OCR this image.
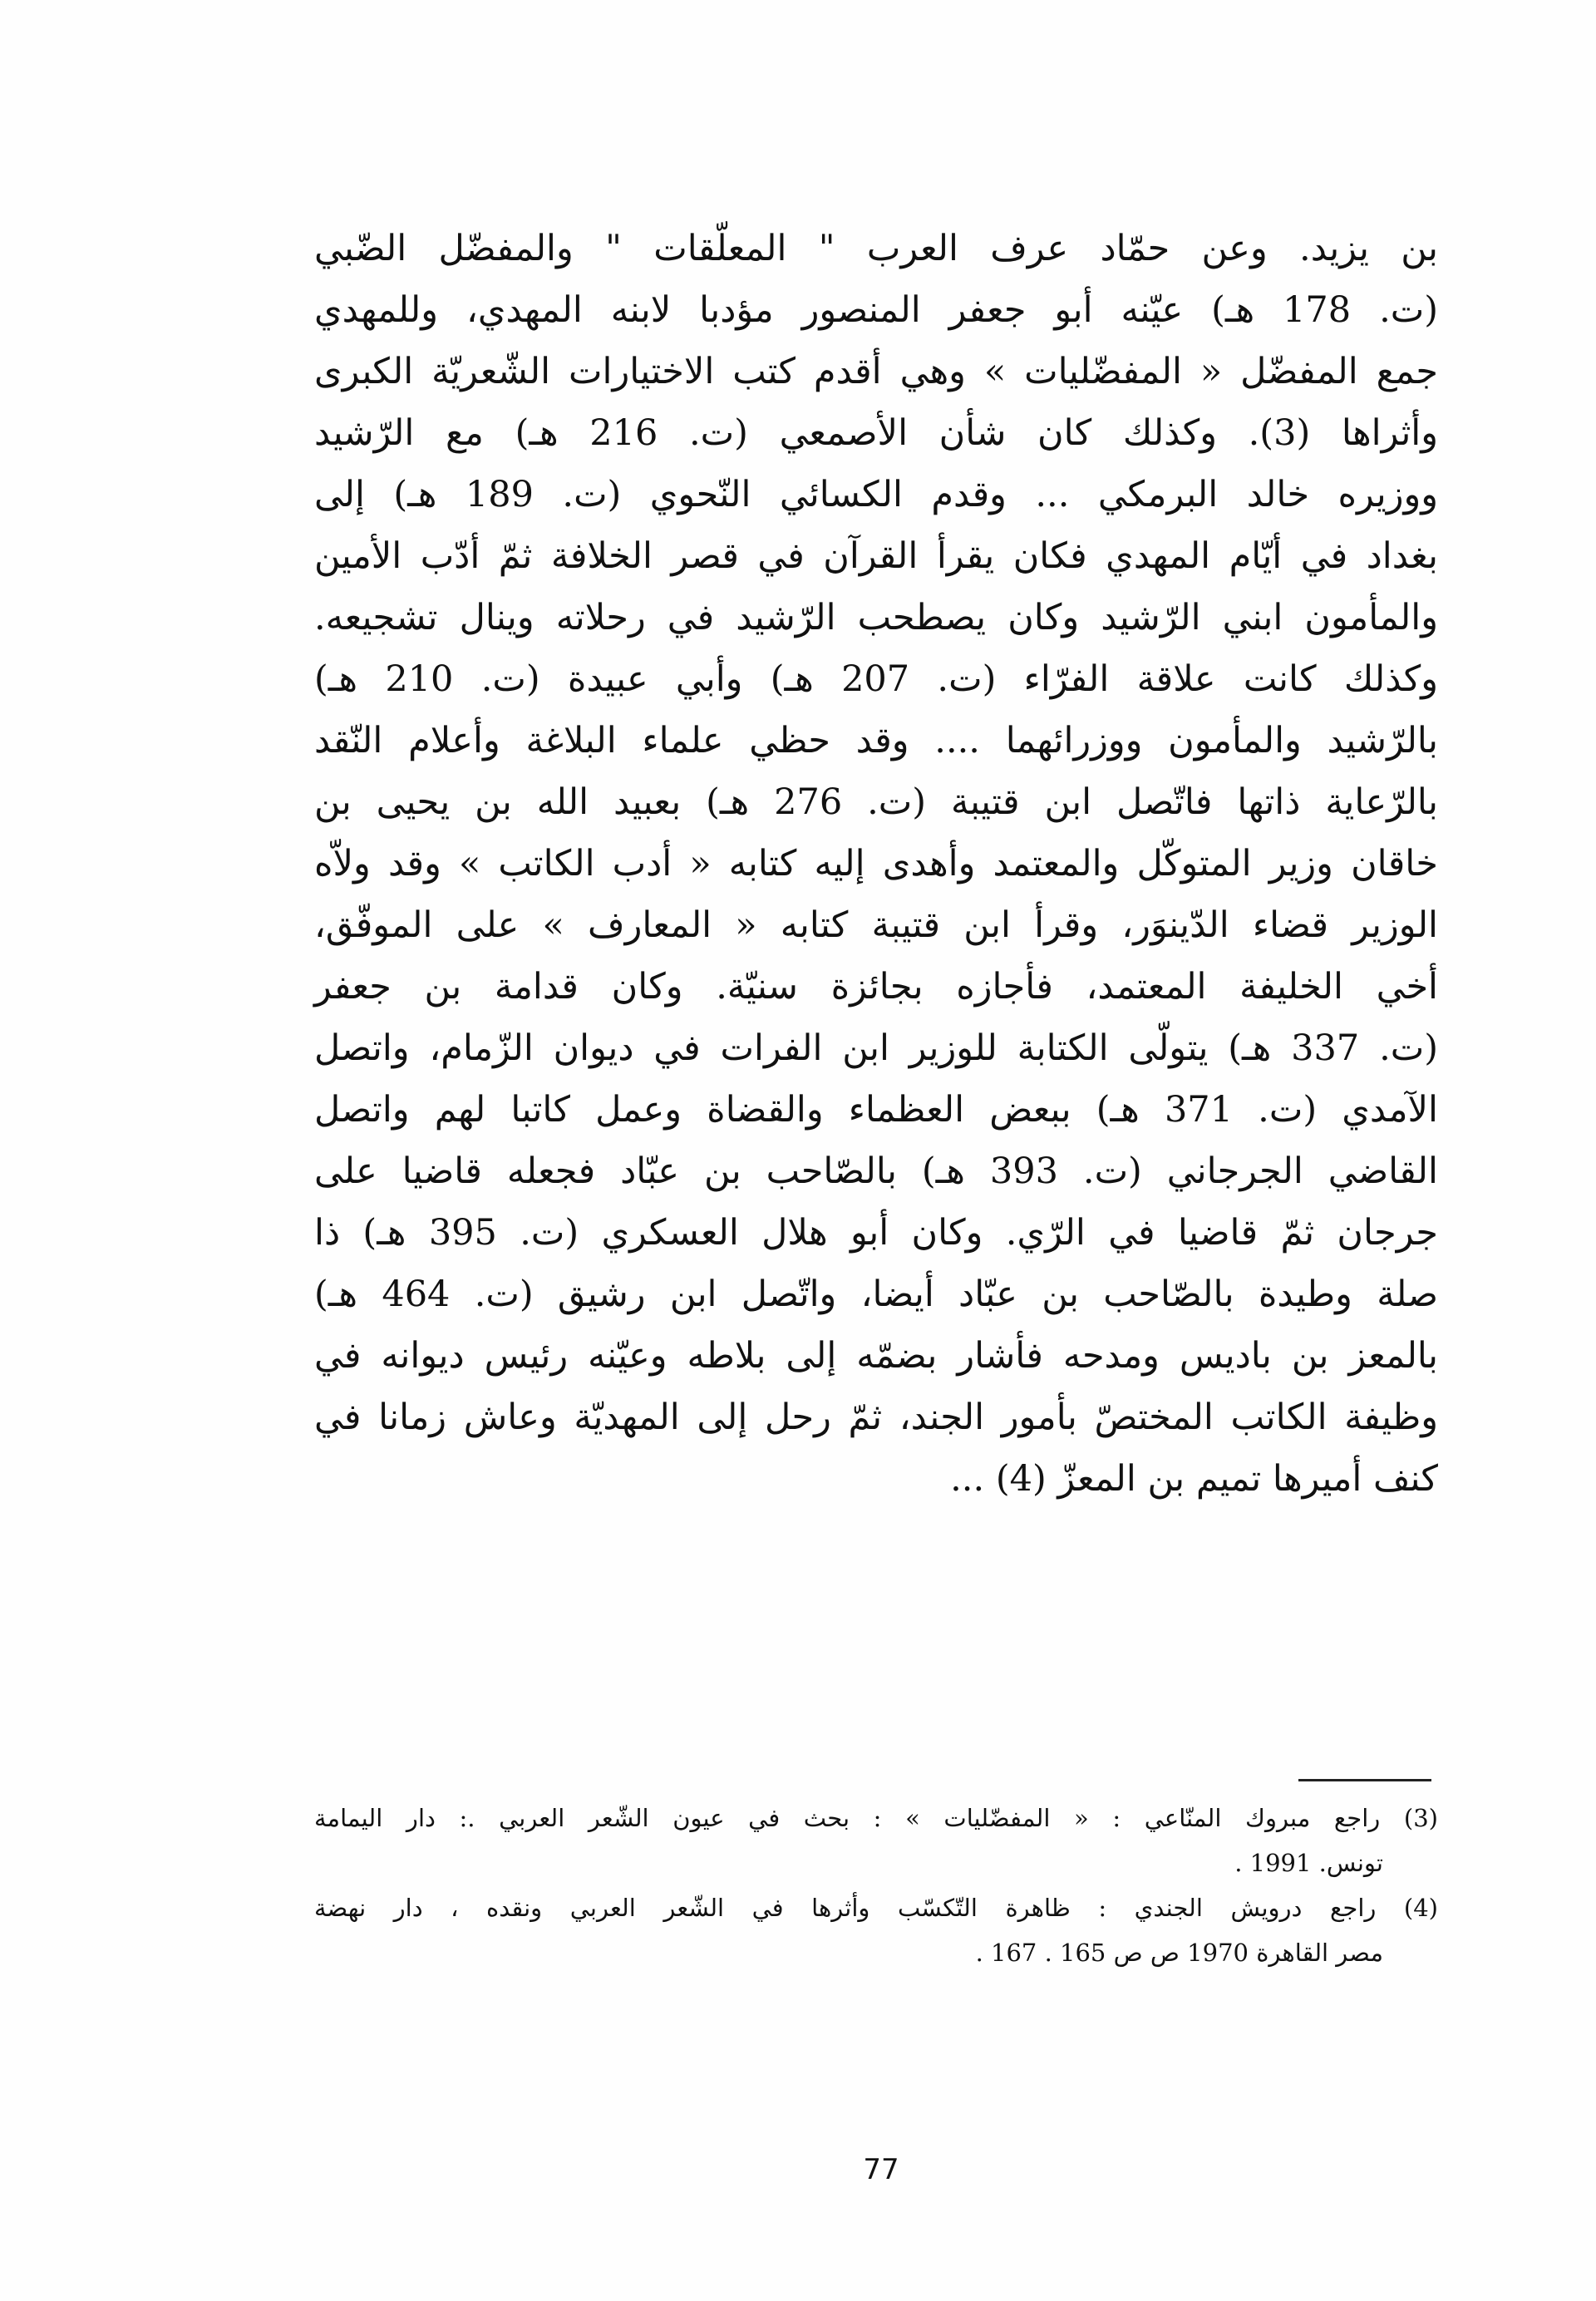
بن يزيد. وعن حمّاد عرف العرب " المعلّقات " والمفضّل الضّبي
(ت. 178 هـ) عيّنه أبو جعفر المنصور مؤدبا لابنه المهدي، وللمهدي
جمع المفضّل « المفضّليات » وهي أقدم كتب الاختيارات الشّعريّة الكبرى
وأثراها (3). وكذلك كان شأن الأصمعي (ت. 216 هـ) مع الرّشيد
ووزيره خالد البرمكي ... وقدم الكسائي النّحوي (ت. 189 هـ) إلى
بغداد في أيّام المهدي فكان يقرأ القرآن في قصر الخلافة ثمّ أدّب الأمين
والمأمون ابني الرّشيد وكان يصطحب الرّشيد في رحلاته وينال تشجيعه.
وكذلك كانت علاقة الفرّاء (ت. 207 هـ) وأبي عبيدة (ت. 210 هـ)
بالرّشيد والمأمون ووزرائهما .... وقد حظي علماء البلاغة وأعلام النّقد
بالرّعاية ذاتها فاتّصل ابن قتيبة (ت. 276 هـ) بعبيد الله بن يحيى بن
خاقان وزير المتوكّل والمعتمد وأهدى إليه كتابه « أدب الكاتب » وقد ولاّه
الوزير قضاء الدّينوَر، وقرأ ابن قتيبة كتابه « المعارف » على الموفّق،
أخي الخليفة المعتمد، فأجازه بجائزة سنيّة. وكان قدامة بن جعفر
(ت. 337 هـ) يتولّى الكتابة للوزير ابن الفرات في ديوان الزّمام، واتصل
الآمدي (ت. 371 هـ) ببعض العظماء والقضاة وعمل كاتبا لهم واتصل
القاضي الجرجاني (ت. 393 هـ) بالصّاحب بن عبّاد فجعله قاضيا على
جرجان ثمّ قاضيا في الرّي. وكان أبو هلال العسكري (ت. 395 هـ) ذا
صلة وطيدة بالصّاحب بن عبّاد أيضا، واتّصل ابن رشيق (ت. 464 هـ)
بالمعز بن باديس ومدحه فأشار بضمّه إلى بلاطه وعيّنه رئيس ديوانه في
وظيفة الكاتب المختصّ بأمور الجند، ثمّ رحل إلى المهديّة وعاش زمانا في
كنف أميرها تميم بن المعزّ (4) ...
(3) راجع مبروك المنّاعي : « المفضّليات » : بحث في عيون الشّعر العربي .: دار اليمامة
تونس. 1991 .
(4) راجع درويش الجندي : ظاهرة التّكسّب وأثرها في الشّعر العربي ونقده ، دار نهضة
مصر القاهرة 1970 ص ص 165 . 167 .
77
